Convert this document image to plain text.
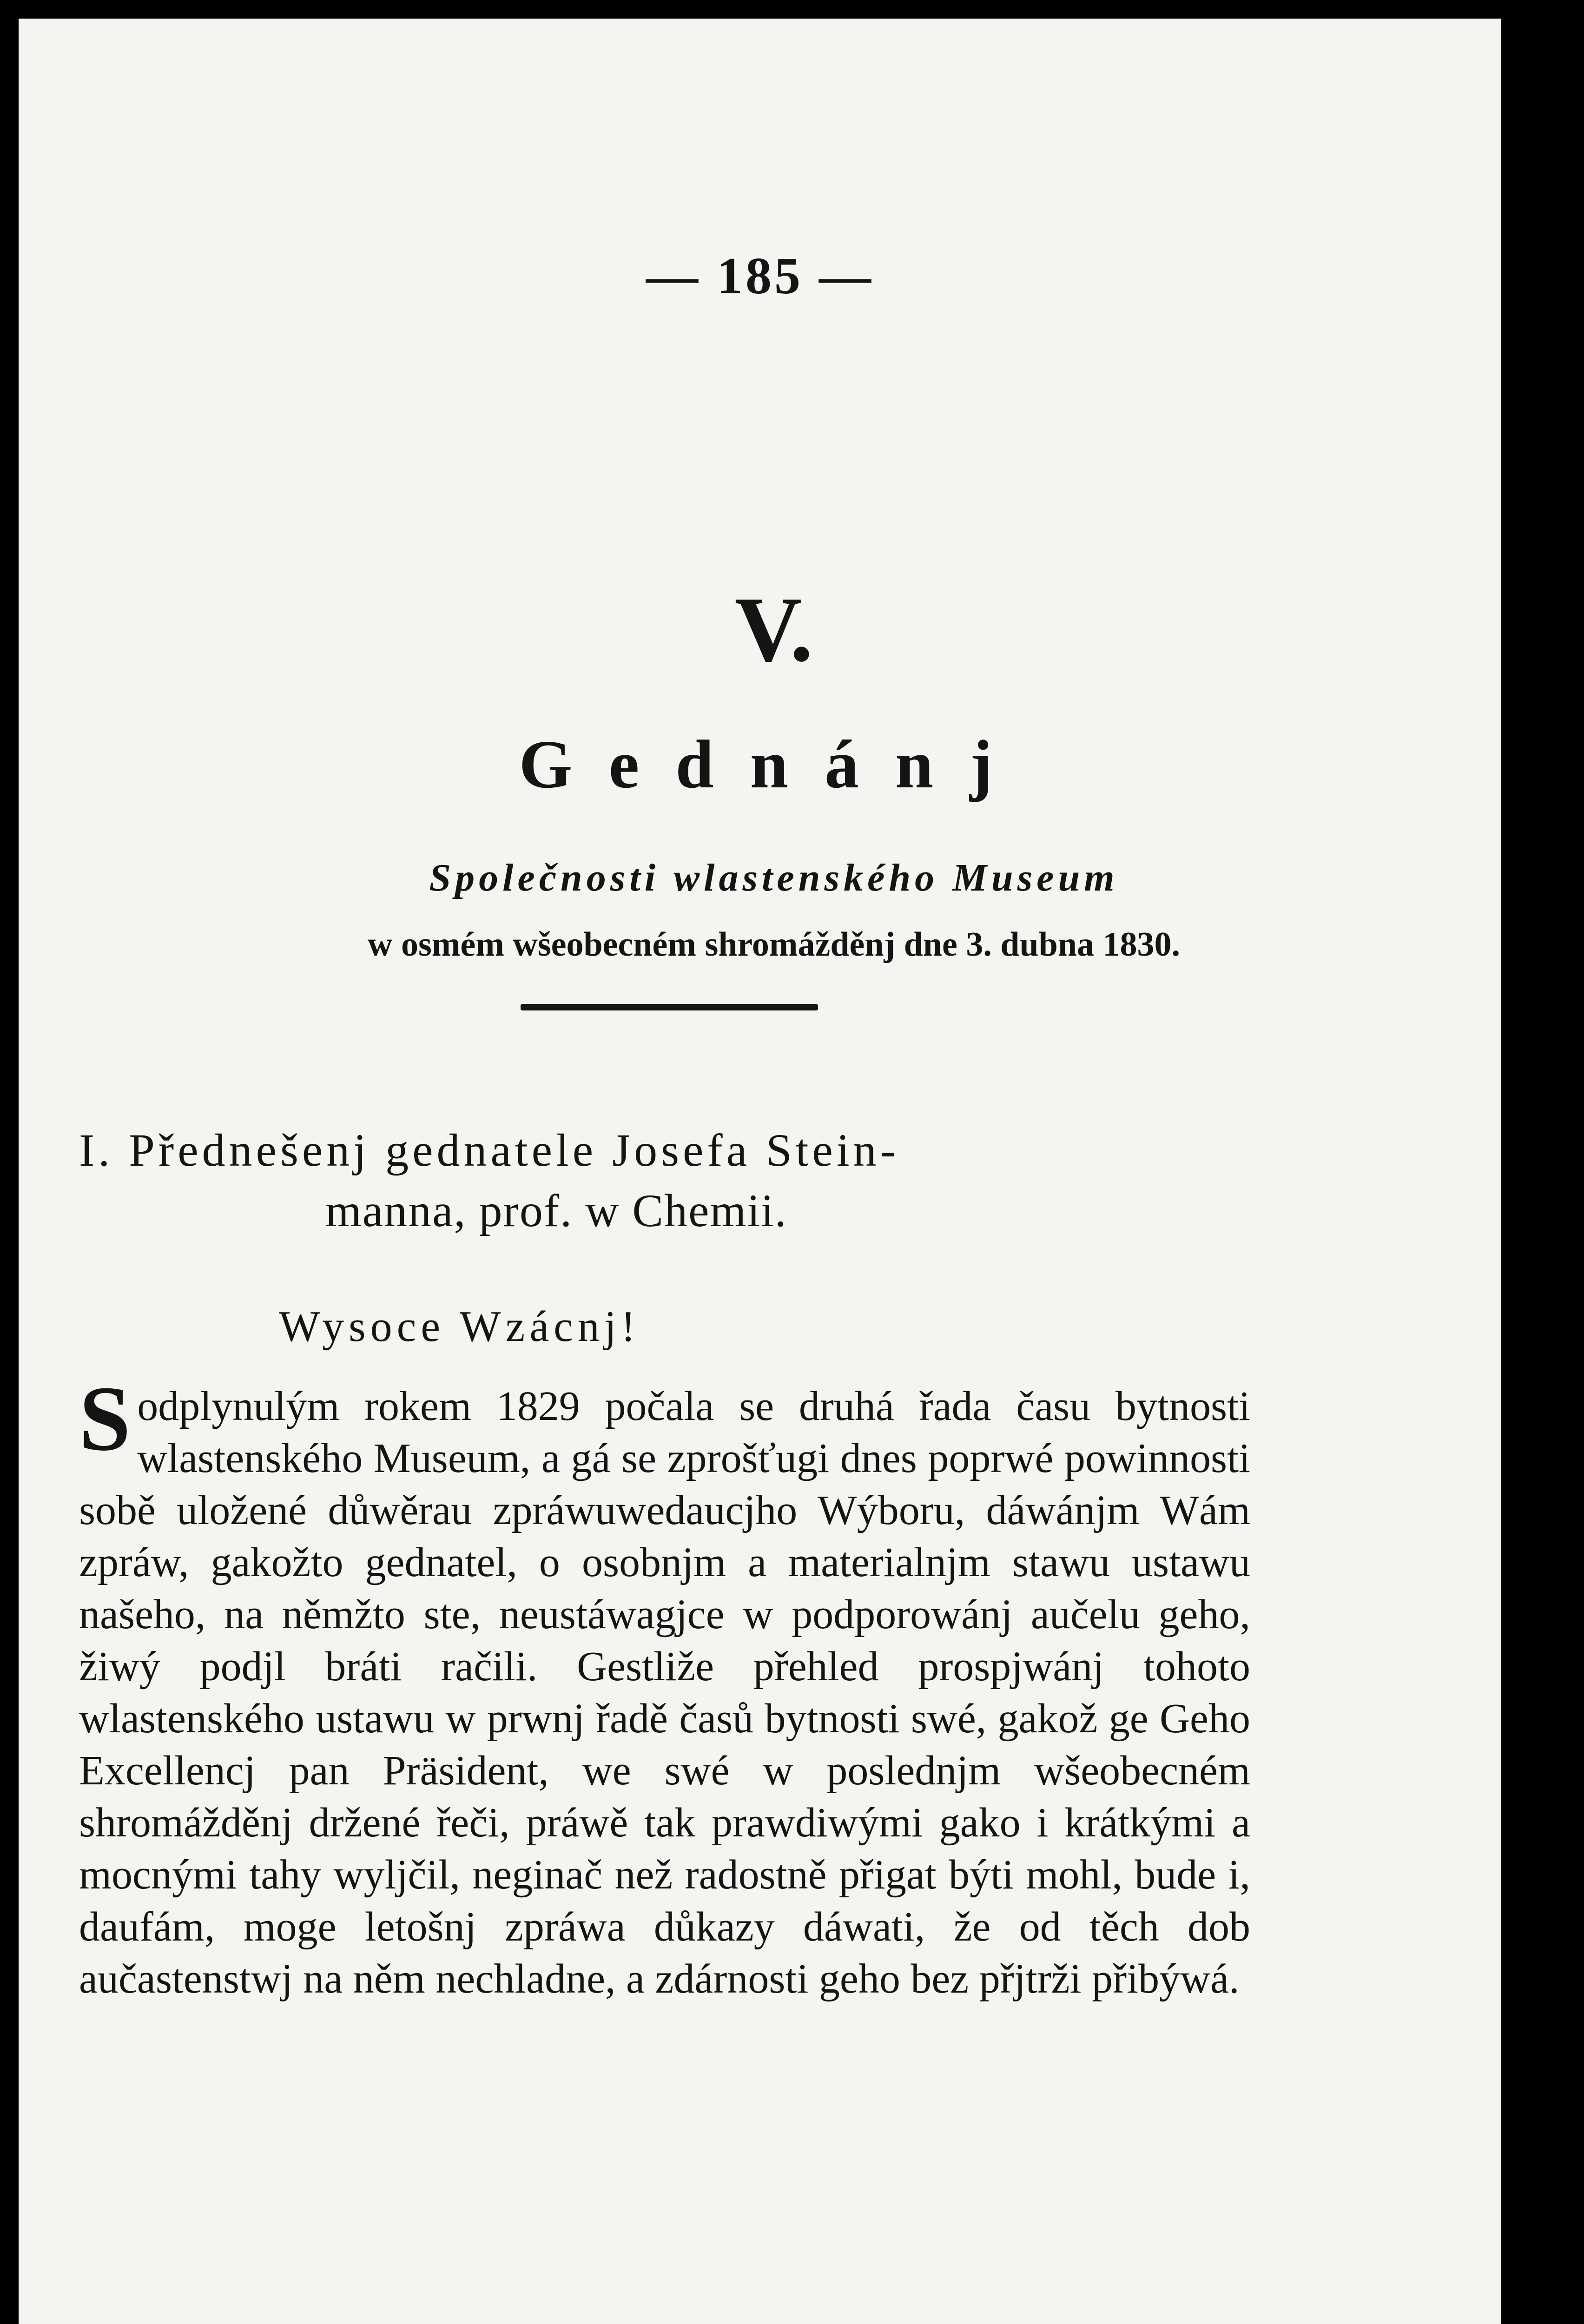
— 185 —
V.
Gednánj
Společnosti wlastenského Museum
w osmém wšeobecném shromážděnj dne 3. dubna 1830.
I. Přednešenj gednatele Josefa Stein-
manna, prof. w Chemii.
Wysoce Wzácnj!
S odplynulým rokem 1829 počala se druhá řada času bytnosti wlastenského Museum, a gá se zprošťugi dnes poprwé powinnosti sobě uložené důwěrau zpráwuwedaucjho Wýboru, dáwánjm Wám zpráw, gakožto gednatel, o osobnjm a materialnjm stawu ustawu našeho, na němžto ste, neustáwagjce w podporowánj aučelu geho, žiwý podjl bráti račili. Gestliže přehled prospjwánj tohoto wlastenského ustawu w prwnj řadě časů bytnosti swé, gakož ge Geho Excellencj pan Präsident, we swé w poslednjm wšeobecném shromážděnj držené řeči, práwě tak prawdiwými gako i krátkými a mocnými tahy wyljčil, neginač než radostně přigat býti mohl, bude i, daufám, moge letošnj zpráwa důkazy dáwati, že od těch dob aučastenstwj na něm nechladne, a zdárnosti geho bez přjtrži přibýwá.
